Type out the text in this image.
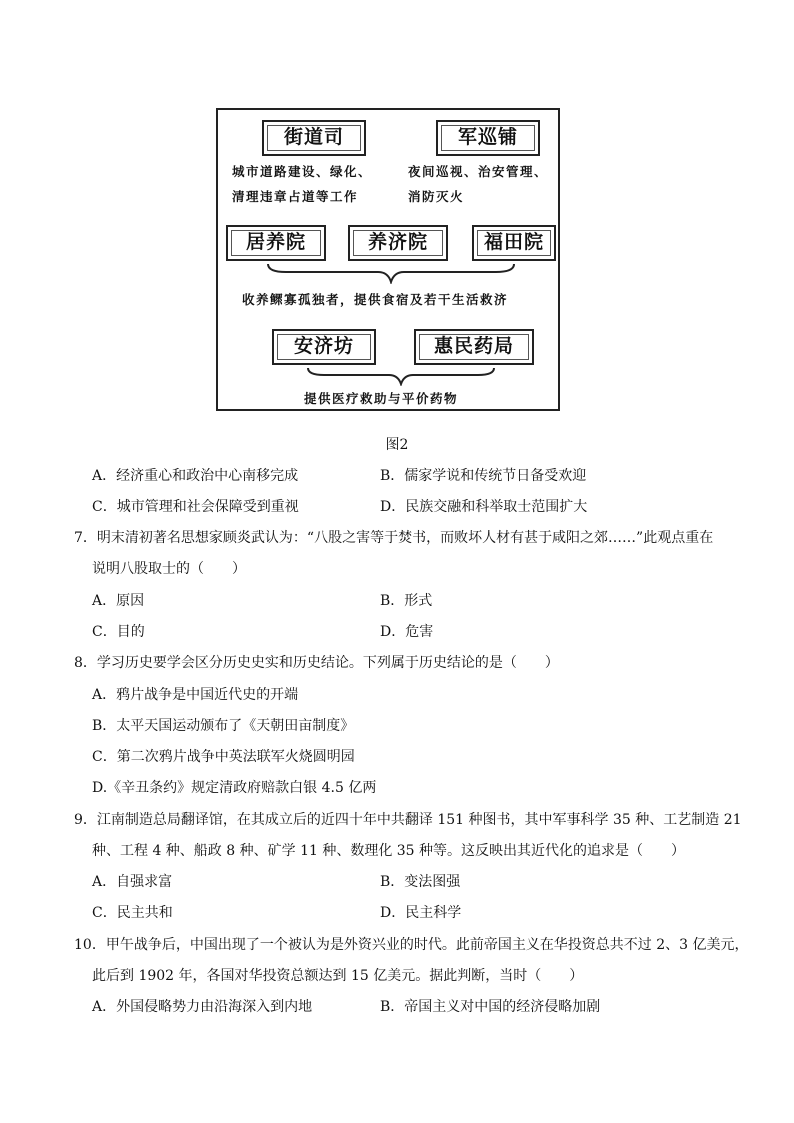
街道司	军巡铺
城市道路建设、绿化、
清理违章占道等工作
夜间巡视、治安管理、
消防灭火
居养院	养济院	福田院
收养鳏寡孤独者，提供食宿及若干生活救济
安济坊	惠民药局
提供医疗救助与平价药物
图2
A．经济重心和政治中心南移完成	B．儒家学说和传统节日备受欢迎
C．城市管理和社会保障受到重视	D．民族交融和科举取士范围扩大
7．明末清初著名思想家顾炎武认为：“八股之害等于焚书，而败坏人材有甚于咸阳之郊……”此观点重在
说明八股取士的（　　）
A．原因	B．形式
C．目的	D．危害
8．学习历史要学会区分历史史实和历史结论。下列属于历史结论的是（　　）
A．鸦片战争是中国近代史的开端
B．太平天国运动颁布了《天朝田亩制度》
C．第二次鸦片战争中英法联军火烧圆明园
D.《辛丑条约》规定清政府赔款白银 4.5 亿两
9．江南制造总局翻译馆，在其成立后的近四十年中共翻译 151 种图书，其中军事科学 35 种、工艺制造 21
种、工程 4 种、船政 8 种、矿学 11 种、数理化 35 种等。这反映出其近代化的追求是（　　）
A．自强求富	B．变法图强
C．民主共和	D．民主科学
10．甲午战争后，中国出现了一个被认为是外资兴业的时代。此前帝国主义在华投资总共不过 2、3 亿美元，
此后到 1902 年，各国对华投资总额达到 15 亿美元。据此判断，当时（　　）
A．外国侵略势力由沿海深入到内地	B．帝国主义对中国的经济侵略加剧
